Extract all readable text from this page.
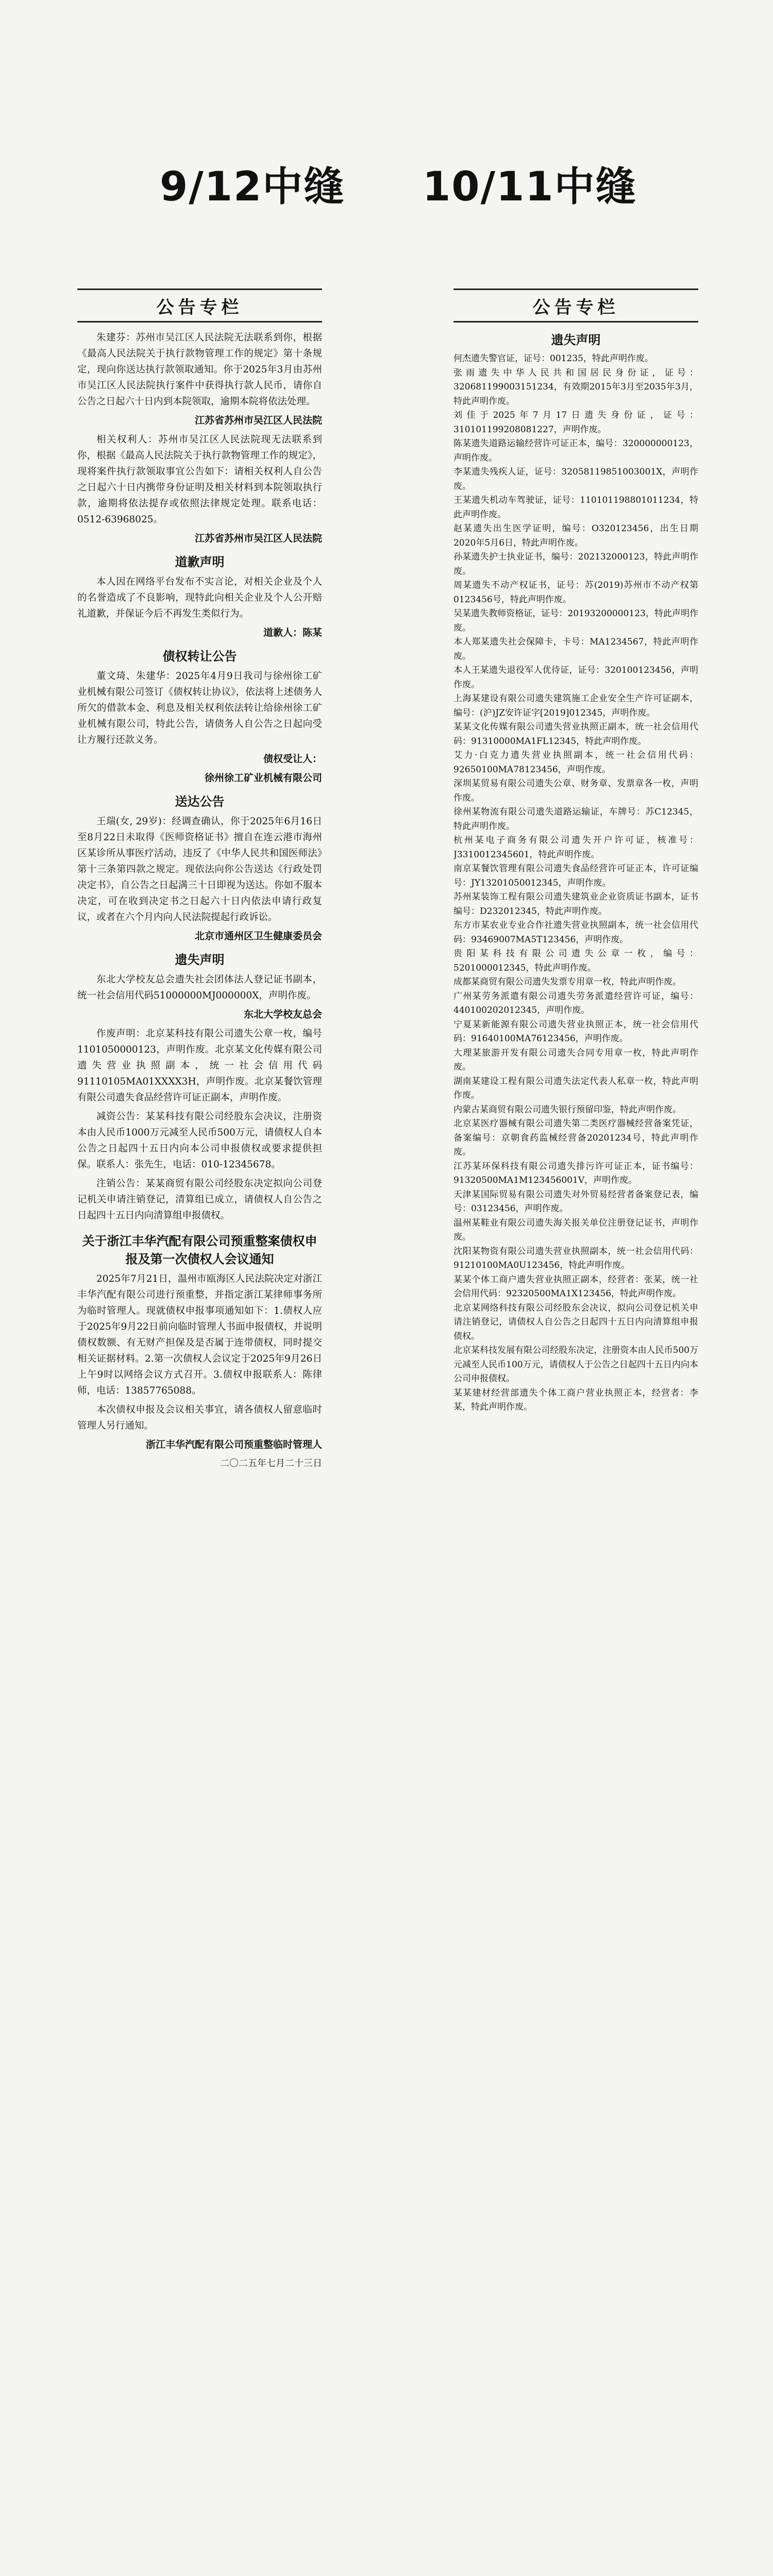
9/12中缝 10/11中缝
公告专栏

朱建芬：苏州市吴江区人民法院无法联系到你，根据《最高人民法院关于执行款物管理工作的规定》第十条规定，现向你送达执行款领取通知。你于2025年3月由苏州市吴江区人民法院执行案件中获得执行款人民币，请你自公告之日起六十日内到本院领取，逾期本院将依法处理。

江苏省苏州市吴江区人民法院

相关权利人：苏州市吴江区人民法院现无法联系到你，根据《最高人民法院关于执行款物管理工作的规定》，现将案件执行款领取事宜公告如下：请相关权利人自公告之日起六十日内携带身份证明及相关材料到本院领取执行款，逾期将依法提存或依照法律规定处理。联系电话：0512-63968025。

江苏省苏州市吴江区人民法院
道歉声明

本人因在网络平台发布不实言论，对相关企业及个人的名誉造成了不良影响，现特此向相关企业及个人公开赔礼道歉，并保证今后不再发生类似行为。

道歉人：陈某
债权转让公告

董文琦、朱建华：2025年4月9日我司与徐州徐工矿业机械有限公司签订《债权转让协议》，依法将上述债务人所欠的借款本金、利息及相关权利依法转让给徐州徐工矿业机械有限公司，特此公告，请债务人自公告之日起向受让方履行还款义务。

债权受让人：
徐州徐工矿业机械有限公司
送达公告

王瑞(女, 29岁)：经调查确认，你于2025年6月16日至8月22日未取得《医师资格证书》擅自在连云港市海州区某诊所从事医疗活动，违反了《中华人民共和国医师法》第十三条第四款之规定。现依法向你公告送达《行政处罚决定书》，自公告之日起满三十日即视为送达。你如不服本决定，可在收到决定书之日起六十日内依法申请行政复议，或者在六个月内向人民法院提起行政诉讼。

北京市通州区卫生健康委员会
遗失声明

东北大学校友总会遗失社会团体法人登记证书副本，统一社会信用代码51000000MJ000000X，声明作废。

东北大学校友总会

作废声明：北京某科技有限公司遗失公章一枚，编号1101050000123，声明作废。北京某文化传媒有限公司遗失营业执照副本，统一社会信用代码91110105MA01XXXX3H，声明作废。北京某餐饮管理有限公司遗失食品经营许可证正副本，声明作废。

减资公告：某某科技有限公司经股东会决议，注册资本由人民币1000万元减至人民币500万元，请债权人自本公告之日起四十五日内向本公司申报债权或要求提供担保。联系人：张先生，电话：010-12345678。

注销公告：某某商贸有限公司经股东决定拟向公司登记机关申请注销登记，清算组已成立，请债权人自公告之日起四十五日内向清算组申报债权。

关于浙江丰华汽配有限公司预重整案债权申报及第一次债权人会议通知

2025年7月21日，温州市瓯海区人民法院决定对浙江丰华汽配有限公司进行预重整，并指定浙江某律师事务所为临时管理人。现就债权申报事项通知如下：1.债权人应于2025年9月22日前向临时管理人书面申报债权，并说明债权数额、有无财产担保及是否属于连带债权，同时提交相关证据材料。2.第一次债权人会议定于2025年9月26日上午9时以网络会议方式召开。3.债权申报联系人：陈律师，电话：13857765088。

本次债权申报及会议相关事宜，请各债权人留意临时管理人另行通知。

浙江丰华汽配有限公司预重整临时管理人
二〇二五年七月二十三日
公告专栏
遗失声明

何杰遗失警官证，证号：001235，特此声明作废。

张雨遗失中华人民共和国居民身份证，证号：320681199003151234，有效期2015年3月至2035年3月，特此声明作废。

刘佳于2025年7月17日遗失身份证，证号：310101199208081227，声明作废。

陈某遗失道路运输经营许可证正本，编号：320000000123，声明作废。

李某遗失残疾人证，证号：32058119851003001X，声明作废。

王某遗失机动车驾驶证，证号：110101198801011234，特此声明作废。

赵某遗失出生医学证明，编号：O320123456，出生日期2020年5月6日，特此声明作废。

孙某遗失护士执业证书，编号：202132000123，特此声明作废。

周某遗失不动产权证书，证号：苏(2019)苏州市不动产权第0123456号，特此声明作废。

吴某遗失教师资格证，证号：20193200000123，特此声明作废。

本人郑某遗失社会保障卡，卡号：MA1234567，特此声明作废。

本人王某遗失退役军人优待证，证号：320100123456，声明作废。

上海某建设有限公司遗失建筑施工企业安全生产许可证副本，编号：(沪)JZ安许证字[2019]012345，声明作废。

某某文化传媒有限公司遗失营业执照正副本，统一社会信用代码：91310000MA1FL12345，特此声明作废。

艾力·白克力遗失营业执照副本，统一社会信用代码：92650100MA78123456，声明作废。

深圳某贸易有限公司遗失公章、财务章、发票章各一枚，声明作废。

徐州某物流有限公司遗失道路运输证，车牌号：苏C12345，特此声明作废。

杭州某电子商务有限公司遗失开户许可证，核准号：J3310012345601，特此声明作废。

南京某餐饮管理有限公司遗失食品经营许可证正本，许可证编号：JY13201050012345，声明作废。

苏州某装饰工程有限公司遗失建筑业企业资质证书副本，证书编号：D232012345，特此声明作废。

东方市某农业专业合作社遗失营业执照副本，统一社会信用代码：93469007MA5T123456，声明作废。

贵阳某科技有限公司遗失公章一枚，编号：5201000012345，特此声明作废。

成都某商贸有限公司遗失发票专用章一枚，特此声明作废。

广州某劳务派遣有限公司遗失劳务派遣经营许可证，编号：440100202012345，声明作废。

宁夏某新能源有限公司遗失营业执照正本，统一社会信用代码：91640100MA76123456，声明作废。

大理某旅游开发有限公司遗失合同专用章一枚，特此声明作废。

湖南某建设工程有限公司遗失法定代表人私章一枚，特此声明作废。

内蒙古某商贸有限公司遗失银行预留印鉴，特此声明作废。

北京某医疗器械有限公司遗失第二类医疗器械经营备案凭证，备案编号：京朝食药监械经营备20201234号，特此声明作废。

江苏某环保科技有限公司遗失排污许可证正本，证书编号：91320500MA1M123456001V，声明作废。

天津某国际贸易有限公司遗失对外贸易经营者备案登记表，编号：03123456，声明作废。

温州某鞋业有限公司遗失海关报关单位注册登记证书，声明作废。

沈阳某物资有限公司遗失营业执照副本，统一社会信用代码：91210100MA0U123456，特此声明作废。

某某个体工商户遗失营业执照正副本，经营者：张某，统一社会信用代码：92320500MA1X123456，特此声明作废。

北京某网络科技有限公司经股东会决议，拟向公司登记机关申请注销登记，请债权人自公告之日起四十五日内向清算组申报债权。

北京某科技发展有限公司经股东决定，注册资本由人民币500万元减至人民币100万元，请债权人于公告之日起四十五日内向本公司申报债权。

某某建材经营部遗失个体工商户营业执照正本，经营者：李某，特此声明作废。
